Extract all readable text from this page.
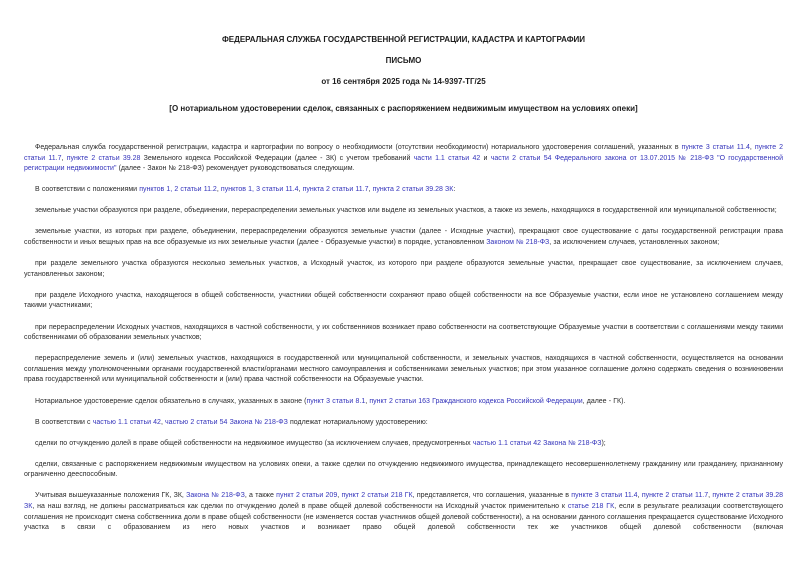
ФЕДЕРАЛЬНАЯ СЛУЖБА ГОСУДАРСТВЕННОЙ РЕГИСТРАЦИИ, КАДАСТРА И КАРТОГРАФИИ
ПИСЬМО
от 16 сентября 2025 года № 14-9397-ТГ/25
[О нотариальном удостоверении сделок, связанных с распоряжением недвижимым имуществом на условиях опеки]

Федеральная служба государственной регистрации, кадастра и картографии по вопросу о необходимости (отсутствии необходимости) нотариального удостоверения соглашений, указанных в пункте 3 статьи 11.4, пункте 2 статьи 11.7, пункте 2 статьи 39.28 Земельного кодекса Российской Федерации (далее - ЗК) с учетом требований части 1.1 статьи 42 и части 2 статьи 54 Федерального закона от 13.07.2015 № 218-ФЗ "О государственной регистрации недвижимости" (далее - Закон № 218-ФЗ) рекомендует руководствоваться следующим.

В соответствии с положениями пунктов 1, 2 статьи 11.2, пунктов 1, 3 статьи 11.4, пункта 2 статьи 11.7, пункта 2 статьи 39.28 ЗК:

земельные участки образуются при разделе, объединении, перераспределении земельных участков или выделе из земельных участков, а также из земель, находящихся в государственной или муниципальной собственности;

земельные участки, из которых при разделе, объединении, перераспределении образуются земельные участки (далее - Исходные участки), прекращают свое существование с даты государственной регистрации права собственности и иных вещных прав на все образуемые из них земельные участки (далее - Образуемые участки) в порядке, установленном Законом № 218-ФЗ, за исключением случаев, установленных законом;

при разделе земельного участка образуются несколько земельных участков, а Исходный участок, из которого при разделе образуются земельные участки, прекращает свое существование, за исключением случаев, установленных законом;

при разделе Исходного участка, находящегося в общей собственности, участники общей собственности сохраняют право общей собственности на все Образуемые участки, если иное не установлено соглашением между такими участниками;

при перераспределении Исходных участков, находящихся в частной собственности, у их собственников возникает право собственности на соответствующие Образуемые участки в соответствии с соглашениями между такими собственниками об образовании земельных участков;

перераспределение земель и (или) земельных участков, находящихся в государственной или муниципальной собственности, и земельных участков, находящихся в частной собственности, осуществляется на основании соглашения между уполномоченными органами государственной власти/органами местного самоуправления и собственниками земельных участков; при этом указанное соглашение должно содержать сведения о возникновении права государственной или муниципальной собственности и (или) права частной собственности на Образуемые участки.

Нотариальное удостоверение сделок обязательно в случаях, указанных в законе (пункт 3 статьи 8.1, пункт 2 статьи 163 Гражданского кодекса Российской Федерации, далее - ГК).

В соответствии с частью 1.1 статьи 42, частью 2 статьи 54 Закона № 218-ФЗ подлежат нотариальному удостоверению:

сделки по отчуждению долей в праве общей собственности на недвижимое имущество (за исключением случаев, предусмотренных частью 1.1 статьи 42 Закона № 218-ФЗ);

сделки, связанные с распоряжением недвижимым имуществом на условиях опеки, а также сделки по отчуждению недвижимого имущества, принадлежащего несовершеннолетнему гражданину или гражданину, признанному ограниченно дееспособным.

Учитывая вышеуказанные положения ГК, ЗК, Закона № 218-ФЗ, а также пункт 2 статьи 209, пункт 2 статьи 218 ГК, представляется, что соглашения, указанные в пункте 3 статьи 11.4, пункте 2 статьи 11.7, пункте 2 статьи 39.28 ЗК, на наш взгляд, не должны рассматриваться как сделки по отчуждению долей в праве общей долевой собственности на Исходный участок применительно к статье 218 ГК, если в результате реализации соответствующего соглашения не происходит смена собственника доли в праве общей собственности (не изменяется состав участников общей долевой собственности), а на основании данного соглашения прекращается существование Исходного участка в связи с образованием из него новых участков и возникает право общей долевой собственности тех же участников общей долевой собственности (включая
